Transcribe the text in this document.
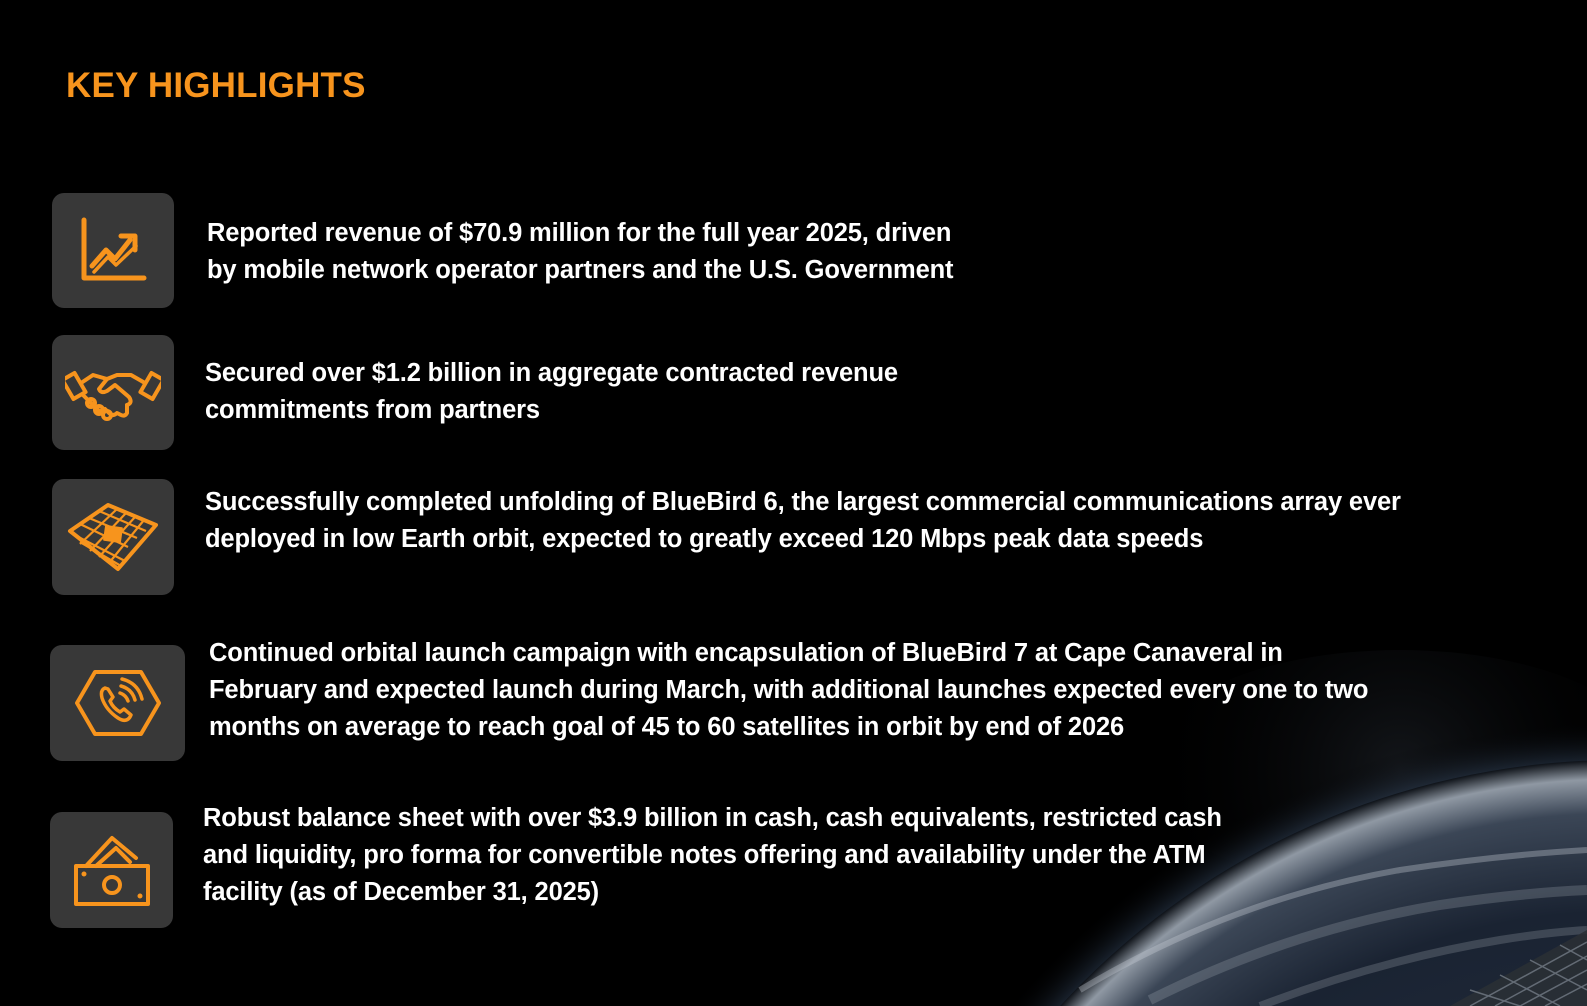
KEY HIGHLIGHTS

Reported revenue of $70.9 million for the full year 2025, driven
by mobile network operator partners and the U.S. Government

Secured over $1.2 billion in aggregate contracted revenue
commitments from partners

Successfully completed unfolding of BlueBird 6, the largest commercial communications array ever
deployed in low Earth orbit, expected to greatly exceed 120 Mbps peak data speeds

Continued orbital launch campaign with encapsulation of BlueBird 7 at Cape Canaveral in
February and expected launch during March, with additional launches expected every one to two
months on average to reach goal of 45 to 60 satellites in orbit by end of 2026

Robust balance sheet with over $3.9 billion in cash, cash equivalents, restricted cash
and liquidity, pro forma for convertible notes offering and availability under the ATM
facility (as of December 31, 2025)
